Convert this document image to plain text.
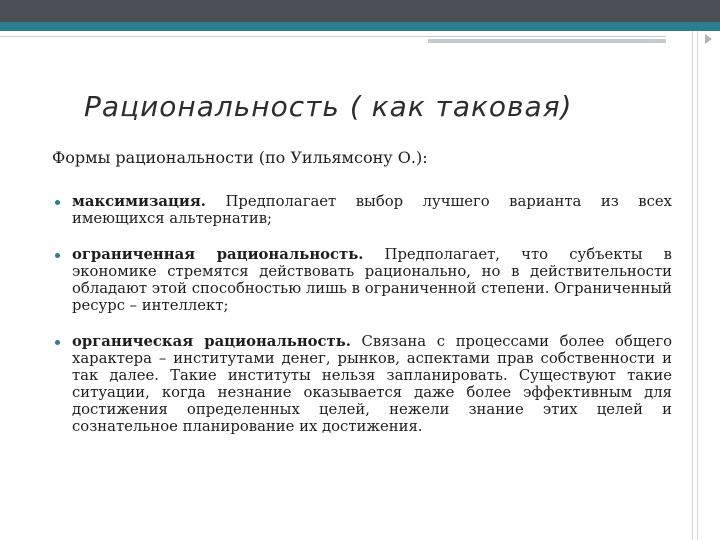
Рациональность ( как таковая)
Формы рациональности (по Уильямсону О.):
максимизация. Предполагает выбор лучшего варианта из всех имеющихся альтернатив;
ограниченная рациональность. Предполагает, что субъекты в экономике стремятся действовать рационально, но в действительности обладают этой способностью лишь в ограниченной степени. Ограниченный ресурс – интеллект;
органическая рациональность. Связана с процессами более общего характера – институтами денег, рынков, аспектами прав собственности и так далее. Такие институты нельзя запланировать. Существуют такие ситуации, когда незнание оказывается даже более эффективным для достижения определенных целей, нежели знание этих целей и сознательное планирование их достижения.
